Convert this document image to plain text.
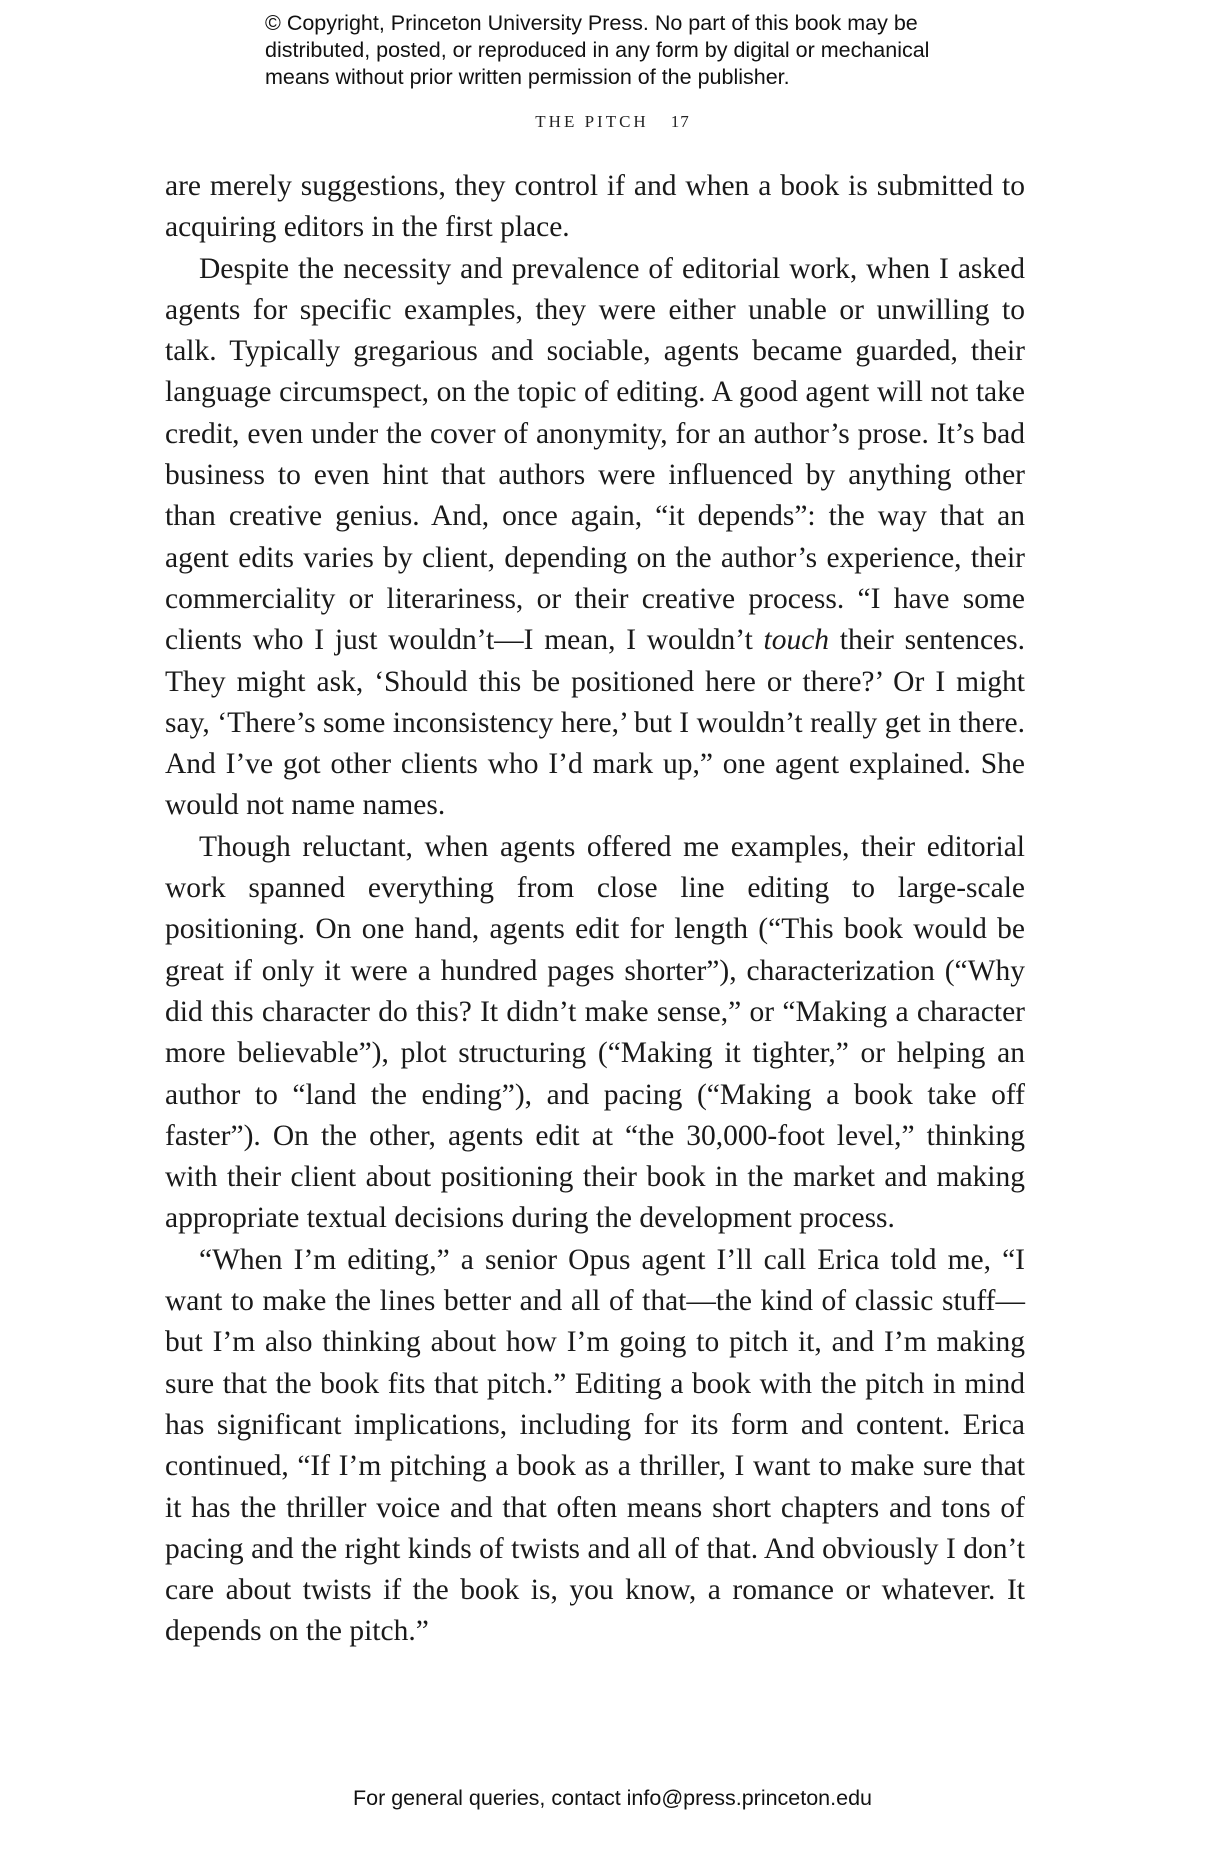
© Copyright, Princeton University Press. No part of this book may be
distributed, posted, or reproduced in any form by digital or mechanical
means without prior written permission of the publisher.
THE PITCH 17

are merely suggestions, they control if and when a book is submitted to acquiring editors in the first place.

Despite the necessity and prevalence of editorial work, when I asked agents for specific examples, they were either unable or unwilling to talk. Typically gregarious and sociable, agents became guarded, their language circumspect, on the topic of editing. A good agent will not take credit, even under the cover of anonymity, for an author’s prose. It’s bad business to even hint that authors were influenced by anything other than creative genius. And, once again, “it depends”: the way that an agent edits varies by client, depending on the author’s experience, their commerciality or literariness, or their creative process. “I have some clients who I just wouldn’t—I mean, I wouldn’t touch their sentences. They might ask, ‘Should this be positioned here or there?’ Or I might say, ‘There’s some inconsistency here,’ but I wouldn’t really get in there. And I’ve got other clients who I’d mark up,” one agent explained. She would not name names.

Though reluctant, when agents offered me examples, their editorial work spanned everything from close line editing to large-scale positioning. On one hand, agents edit for length (“This book would be great if only it were a hundred pages shorter”), characterization (“Why did this character do this? It didn’t make sense,” or “Making a character more believable”), plot structuring (“Making it tighter,” or helping an author to “land the ending”), and pacing (“Making a book take off faster”). On the other, agents edit at “the 30,000-foot level,” thinking with their client about positioning their book in the market and making appropriate textual decisions during the development process.

“When I’m editing,” a senior Opus agent I’ll call Erica told me, “I want to make the lines better and all of that—the kind of classic stuff—but I’m also thinking about how I’m going to pitch it, and I’m making sure that the book fits that pitch.” Editing a book with the pitch in mind has significant implications, including for its form and content. Erica continued, “If I’m pitching a book as a thriller, I want to make sure that it has the thriller voice and that often means short chapters and tons of pacing and the right kinds of twists and all of that. And obviously I don’t care about twists if the book is, you know, a romance or whatever. It depends on the pitch.”

For general queries, contact info@press.princeton.edu
